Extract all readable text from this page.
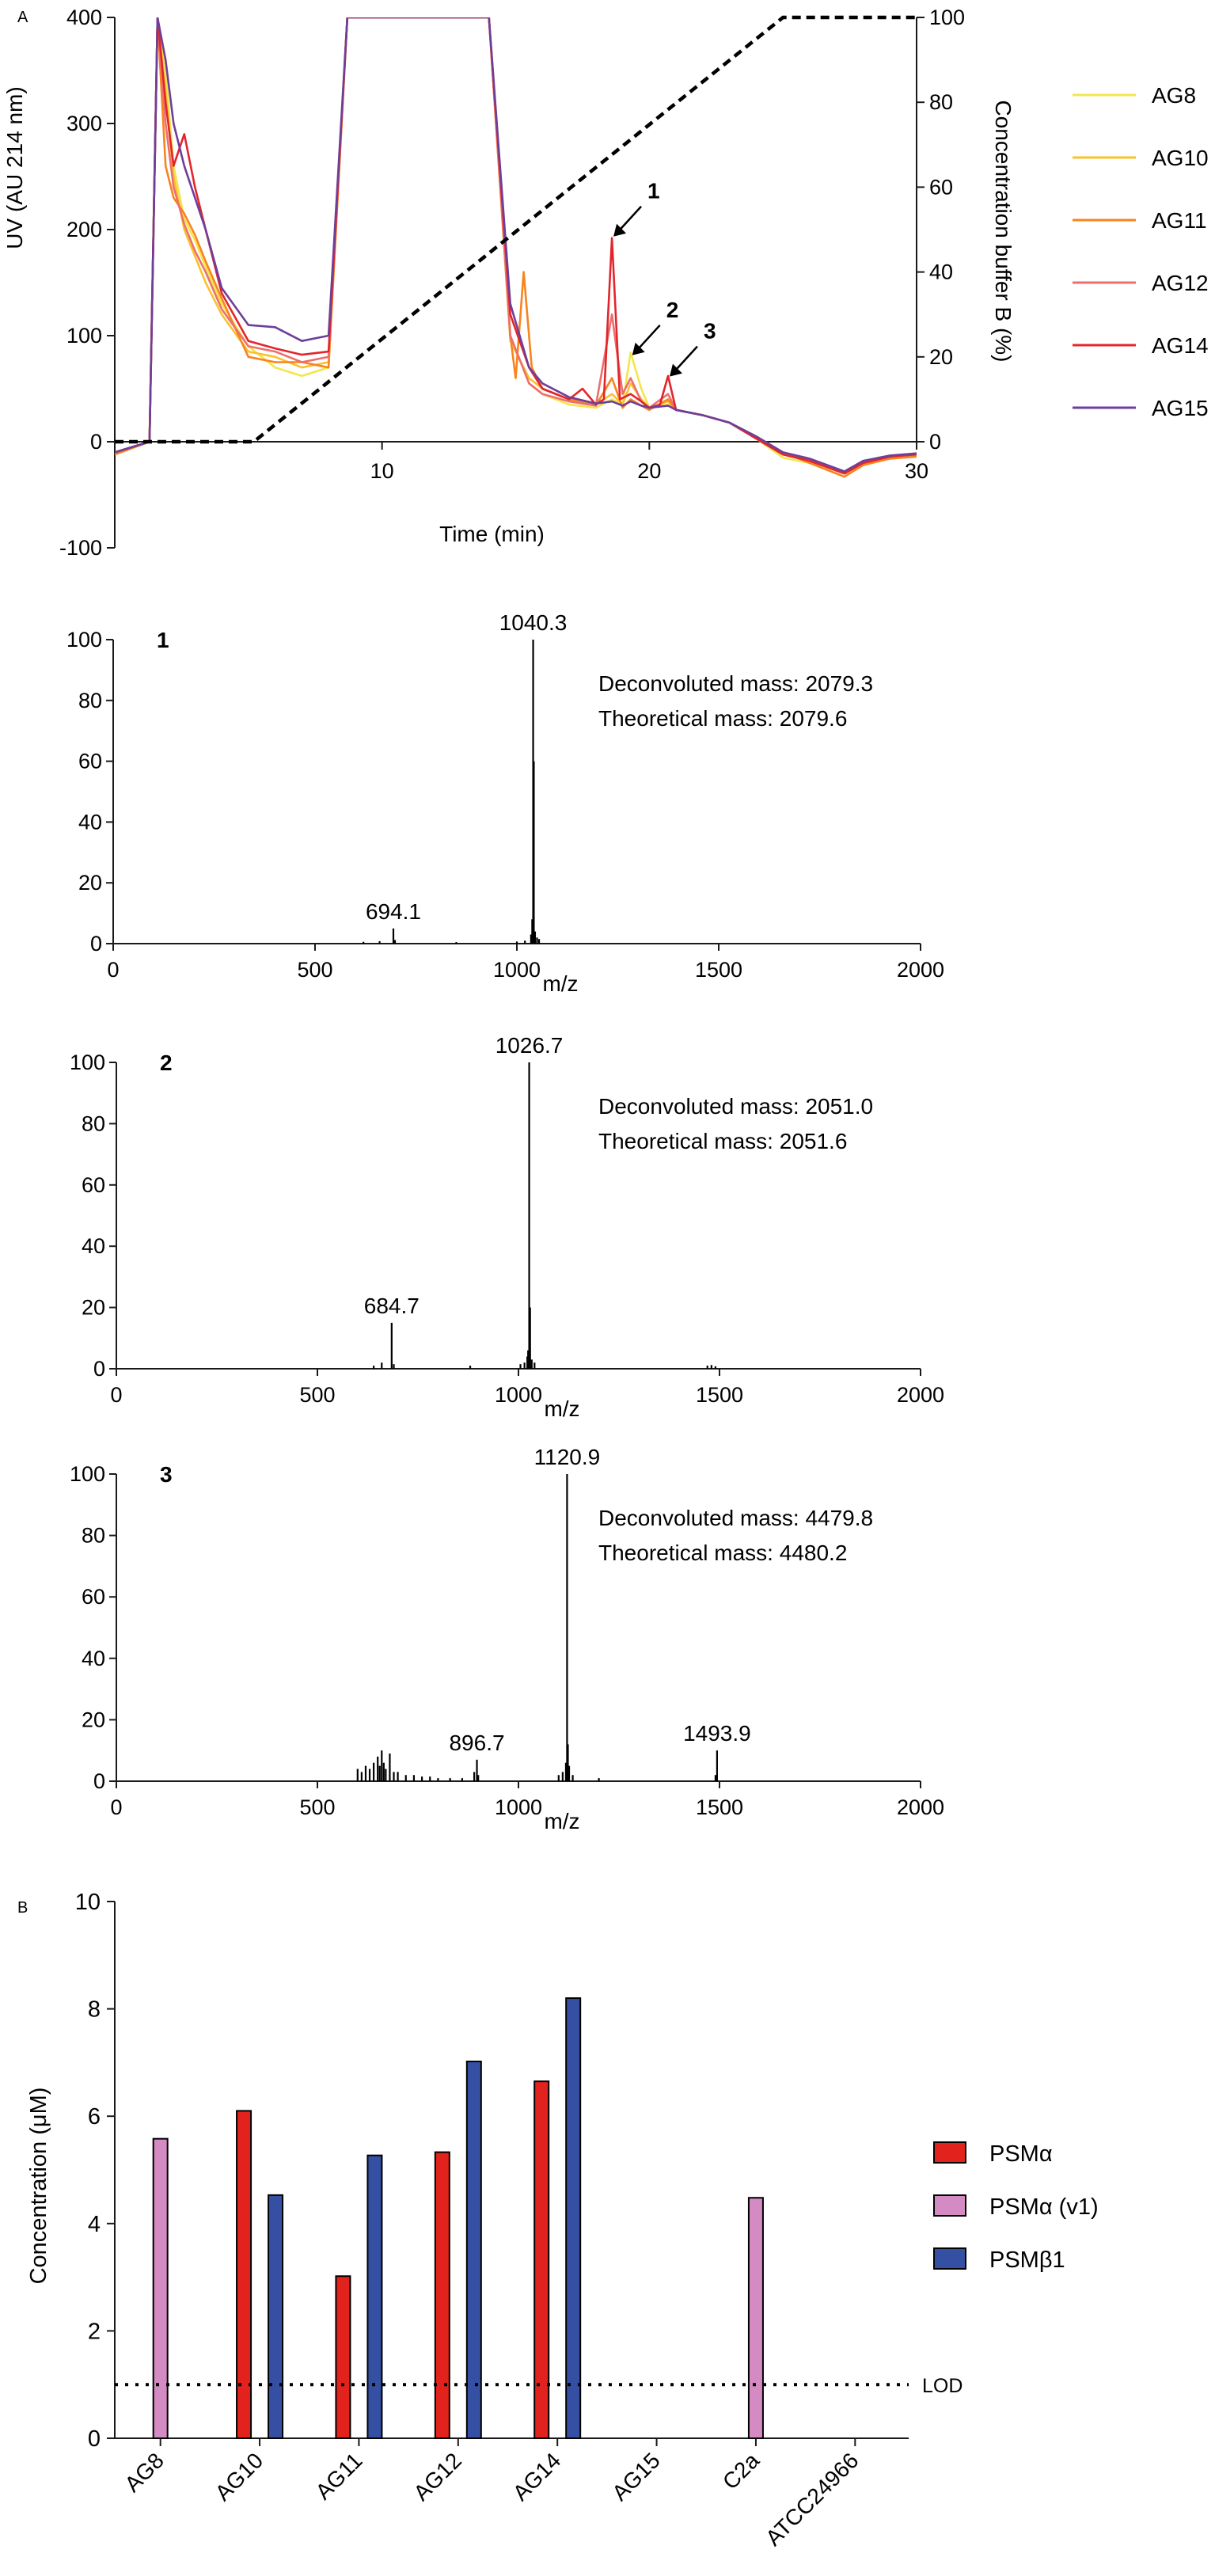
A
B
-100
0
100
200
300
400
0
20
40
60
80
100
10	20	30
Time (min)
UV (AU 214 nm)	Concentration buffer B (%)
1
2
3
AG8
AG10
AG11
AG12
AG14
AG15
0
20
40
60
80
100
0	500	1000	1500	2000
m/z
1
1040.3
694.1
Deconvoluted mass: 2079.3
Theoretical mass: 2079.6
0
20
40
60
80
100
0	500	1000	1500	2000
m/z
2
1026.7
684.7
Deconvoluted mass: 2051.0
Theoretical mass: 2051.6
0
20
40
60
80
100
0	500	1000	1500	2000
m/z
3
1120.9
896.7	1493.9
Deconvoluted mass: 4479.8
Theoretical mass: 4480.2
0
2
4
6
8
10
Concentration (μM)
AG8 AG10 AG11 AG12 AG14 AG15 C2a
ATCC24966
LOD
PSMα
PSMα (v1)
PSMβ1
